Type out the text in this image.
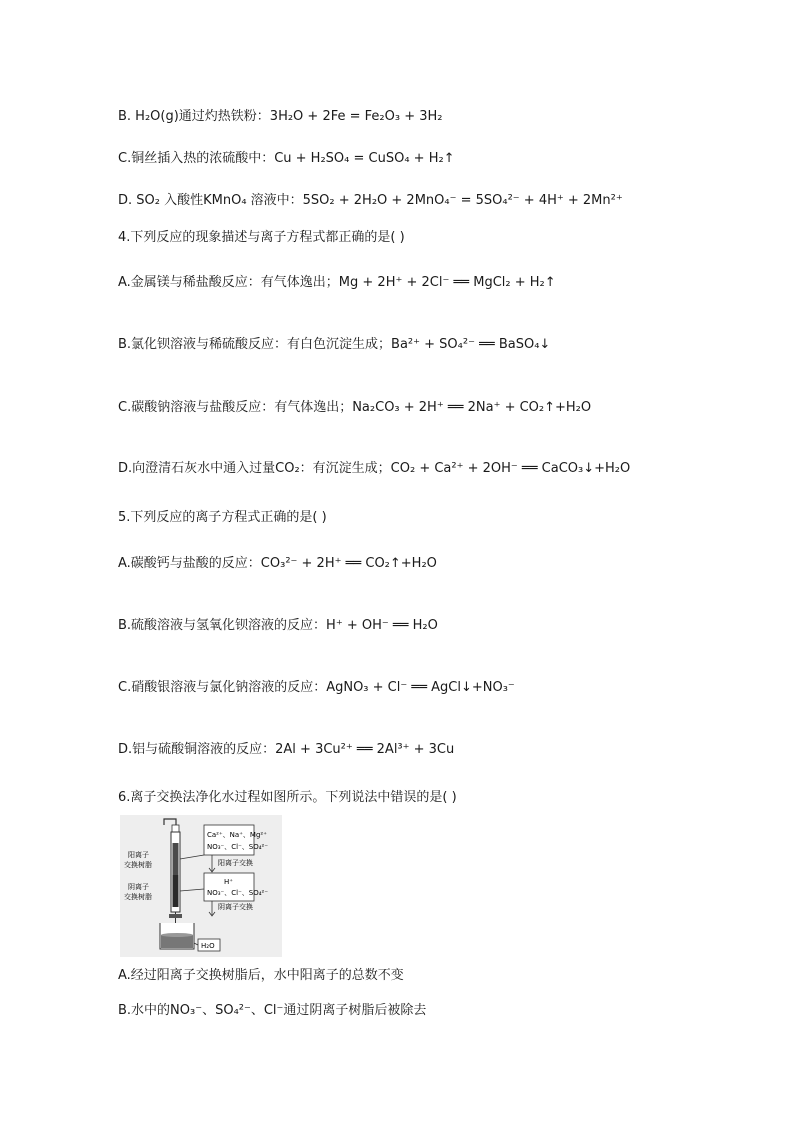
B. H₂O(g)通过灼热铁粉：3H₂O + 2Fe = Fe₂O₃ + 3H₂
C.铜丝插入热的浓硫酸中：Cu + H₂SO₄ = CuSO₄ + H₂↑
D. SO₂ 入酸性KMnO₄ 溶液中：5SO₂ + 2H₂O + 2MnO₄⁻ = 5SO₄²⁻ + 4H⁺ + 2Mn²⁺
4.下列反应的现象描述与离子方程式都正确的是( )
A.金属镁与稀盐酸反应：有气体逸出；Mg + 2H⁺ + 2Cl⁻ ══ MgCl₂ + H₂↑
B.氯化钡溶液与稀硫酸反应：有白色沉淀生成；Ba²⁺ + SO₄²⁻ ══ BaSO₄↓
C.碳酸钠溶液与盐酸反应：有气体逸出；Na₂CO₃ + 2H⁺ ══ 2Na⁺ + CO₂↑+H₂O
D.向澄清石灰水中通入过量CO₂：有沉淀生成；CO₂ + Ca²⁺ + 2OH⁻ ══ CaCO₃↓+H₂O
5.下列反应的离子方程式正确的是( )
A.碳酸钙与盐酸的反应：CO₃²⁻ + 2H⁺ ══ CO₂↑+H₂O
B.硫酸溶液与氢氧化钡溶液的反应：H⁺ + OH⁻ ══ H₂O
C.硝酸银溶液与氯化钠溶液的反应：AgNO₃ + Cl⁻ ══ AgCl↓+NO₃⁻
D.铝与硫酸铜溶液的反应：2Al + 3Cu²⁺ ══ 2Al³⁺ + 3Cu
6.离子交换法净化水过程如图所示。下列说法中错误的是( )
阳离子
交换树脂
阴离子
交换树脂
Ca²⁺、Na⁺、Mg²⁺
NO₃⁻、Cl⁻、SO₄²⁻
阳离子交换
H⁺
NO₃⁻、Cl⁻、SO₄²⁻
阴离子交换
H₂O
A.经过阳离子交换树脂后，水中阳离子的总数不变
B.水中的NO₃⁻、SO₄²⁻、Cl⁻通过阴离子树脂后被除去
